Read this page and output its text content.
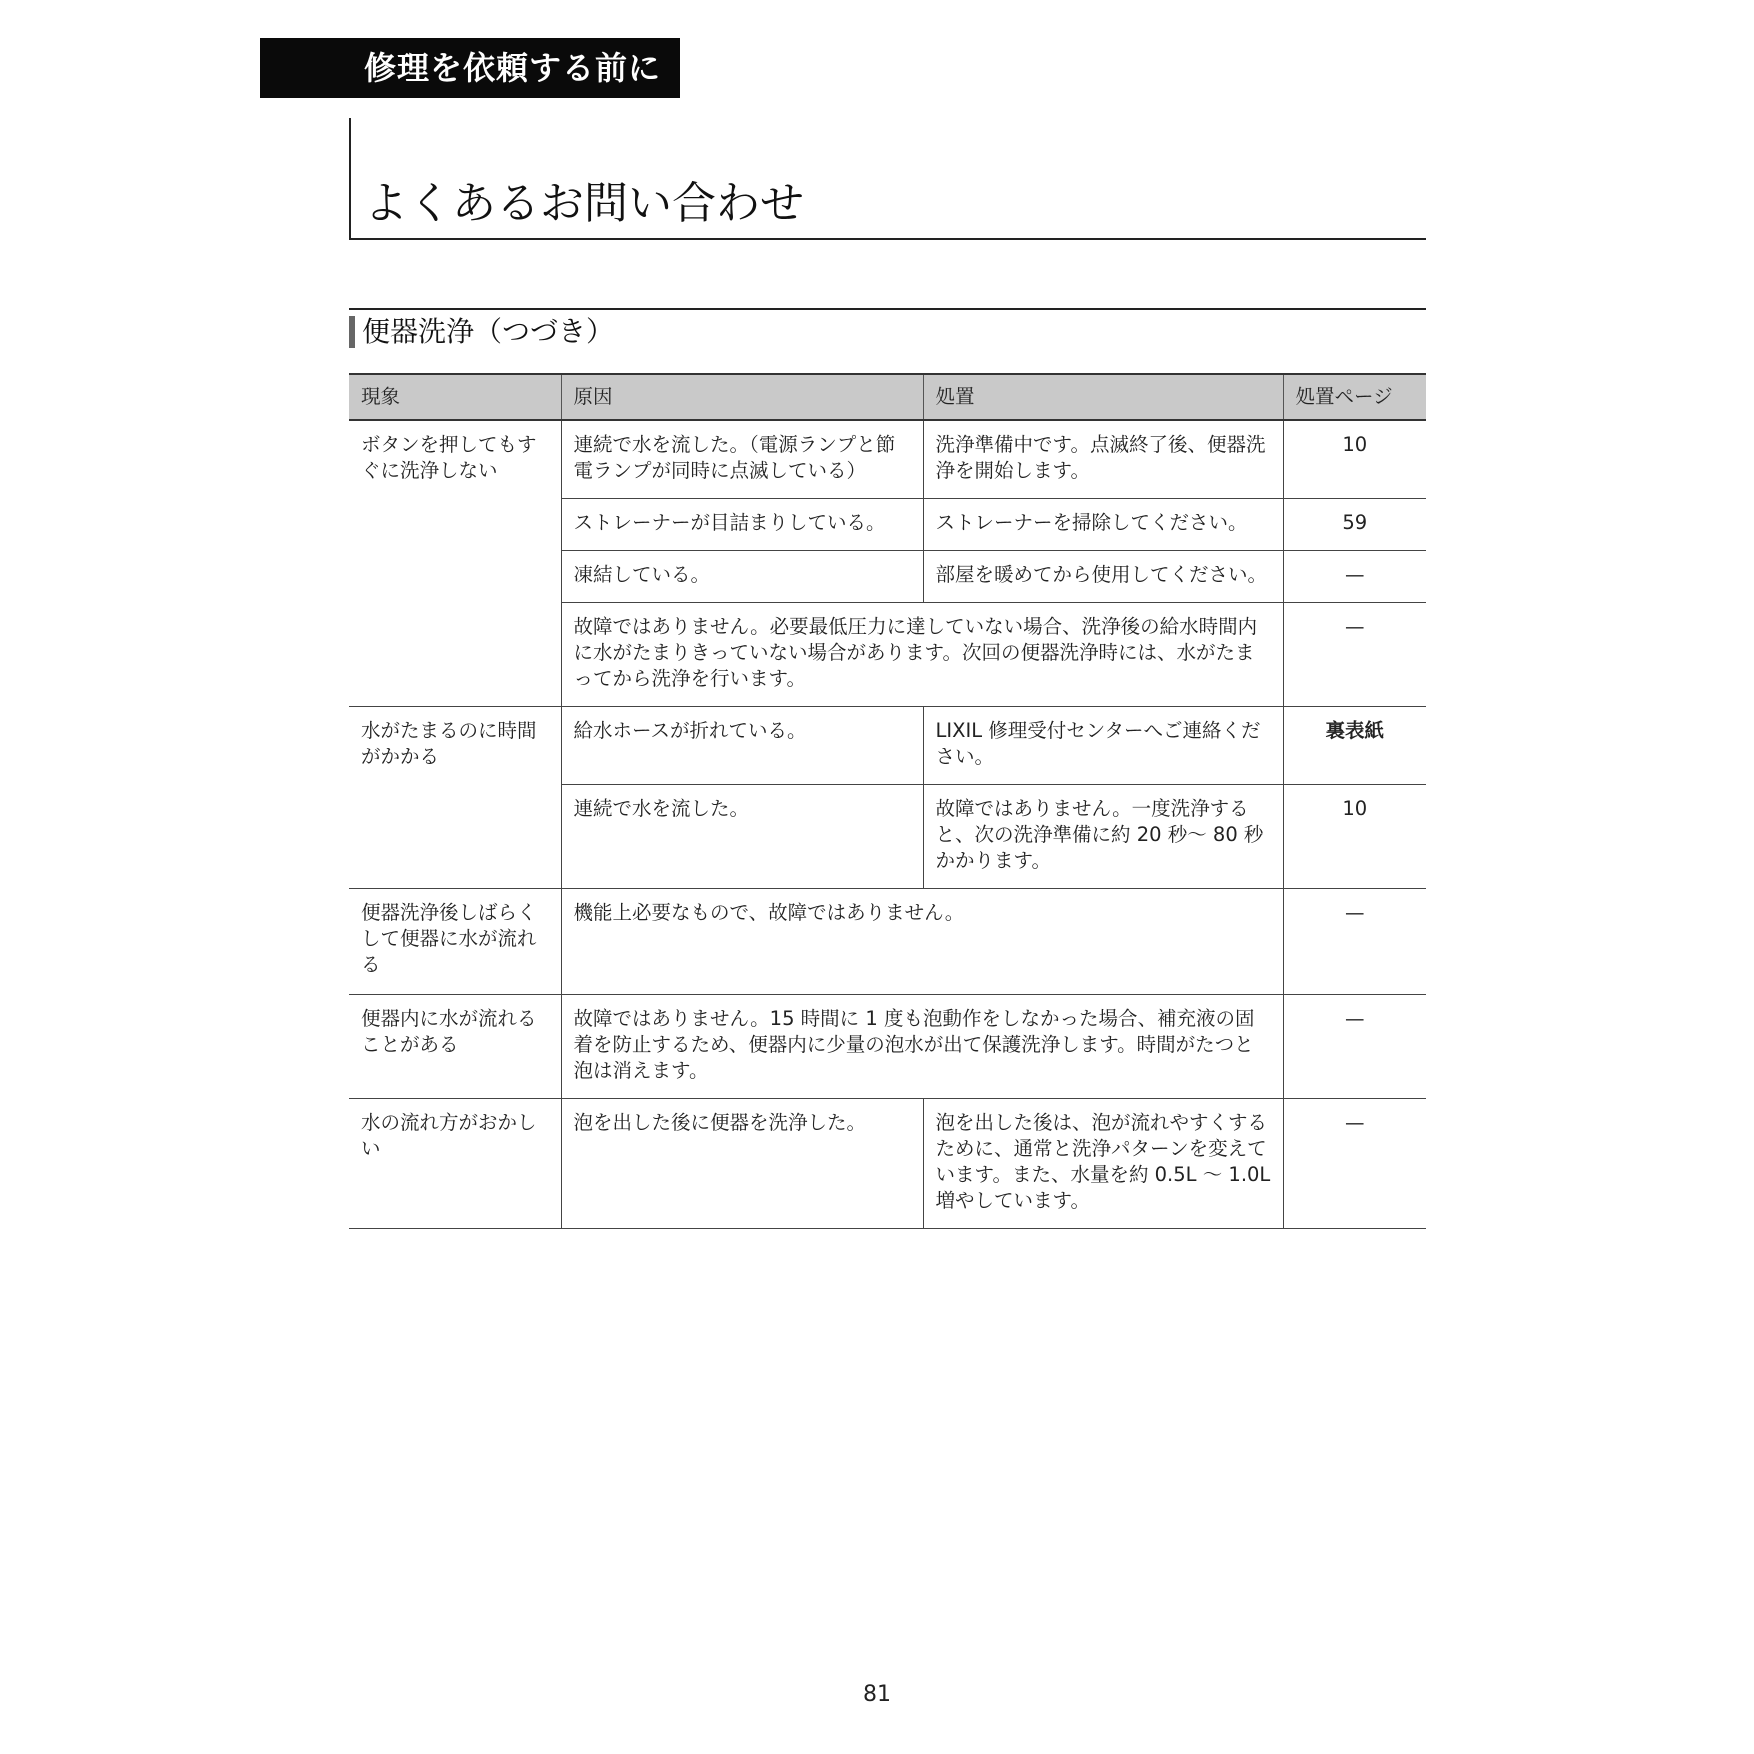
修理を依頼する前に
よくあるお問い合わせ
便器洗浄（つづき）
現象	原因	処置	処置ページ
ボタンを押してもすぐに洗浄しない	連続で水を流した。（電源ランプと節電ランプが同時に点滅している）	洗浄準備中です。点滅終了後、便器洗浄を開始します。	10
	ストレーナーが目詰まりしている。	ストレーナーを掃除してください。	59
	凍結している。	部屋を暖めてから使用してください。	—
	故障ではありません。必要最低圧力に達していない場合、洗浄後の給水時間内に水がたまりきっていない場合があります。次回の便器洗浄時には、水がたまってから洗浄を行います。		—
水がたまるのに時間がかかる	給水ホースが折れている。	LIXIL 修理受付センターへご連絡ください。	裏表紙
	連続で水を流した。	故障ではありません。一度洗浄すると、次の洗浄準備に約 20 秒～ 80 秒かかります。	10
便器洗浄後しばらくして便器に水が流れる	機能上必要なもので、故障ではありません。		—
便器内に水が流れることがある	故障ではありません。15 時間に 1 度も泡動作をしなかった場合、補充液の固着を防止するため、便器内に少量の泡水が出て保護洗浄します。時間がたつと泡は消えます。		—
水の流れ方がおかしい	泡を出した後に便器を洗浄した。	泡を出した後は、泡が流れやすくするために、通常と洗浄パターンを変えています。また、水量を約 0.5L ～ 1.0L 増やしています。	—
81
